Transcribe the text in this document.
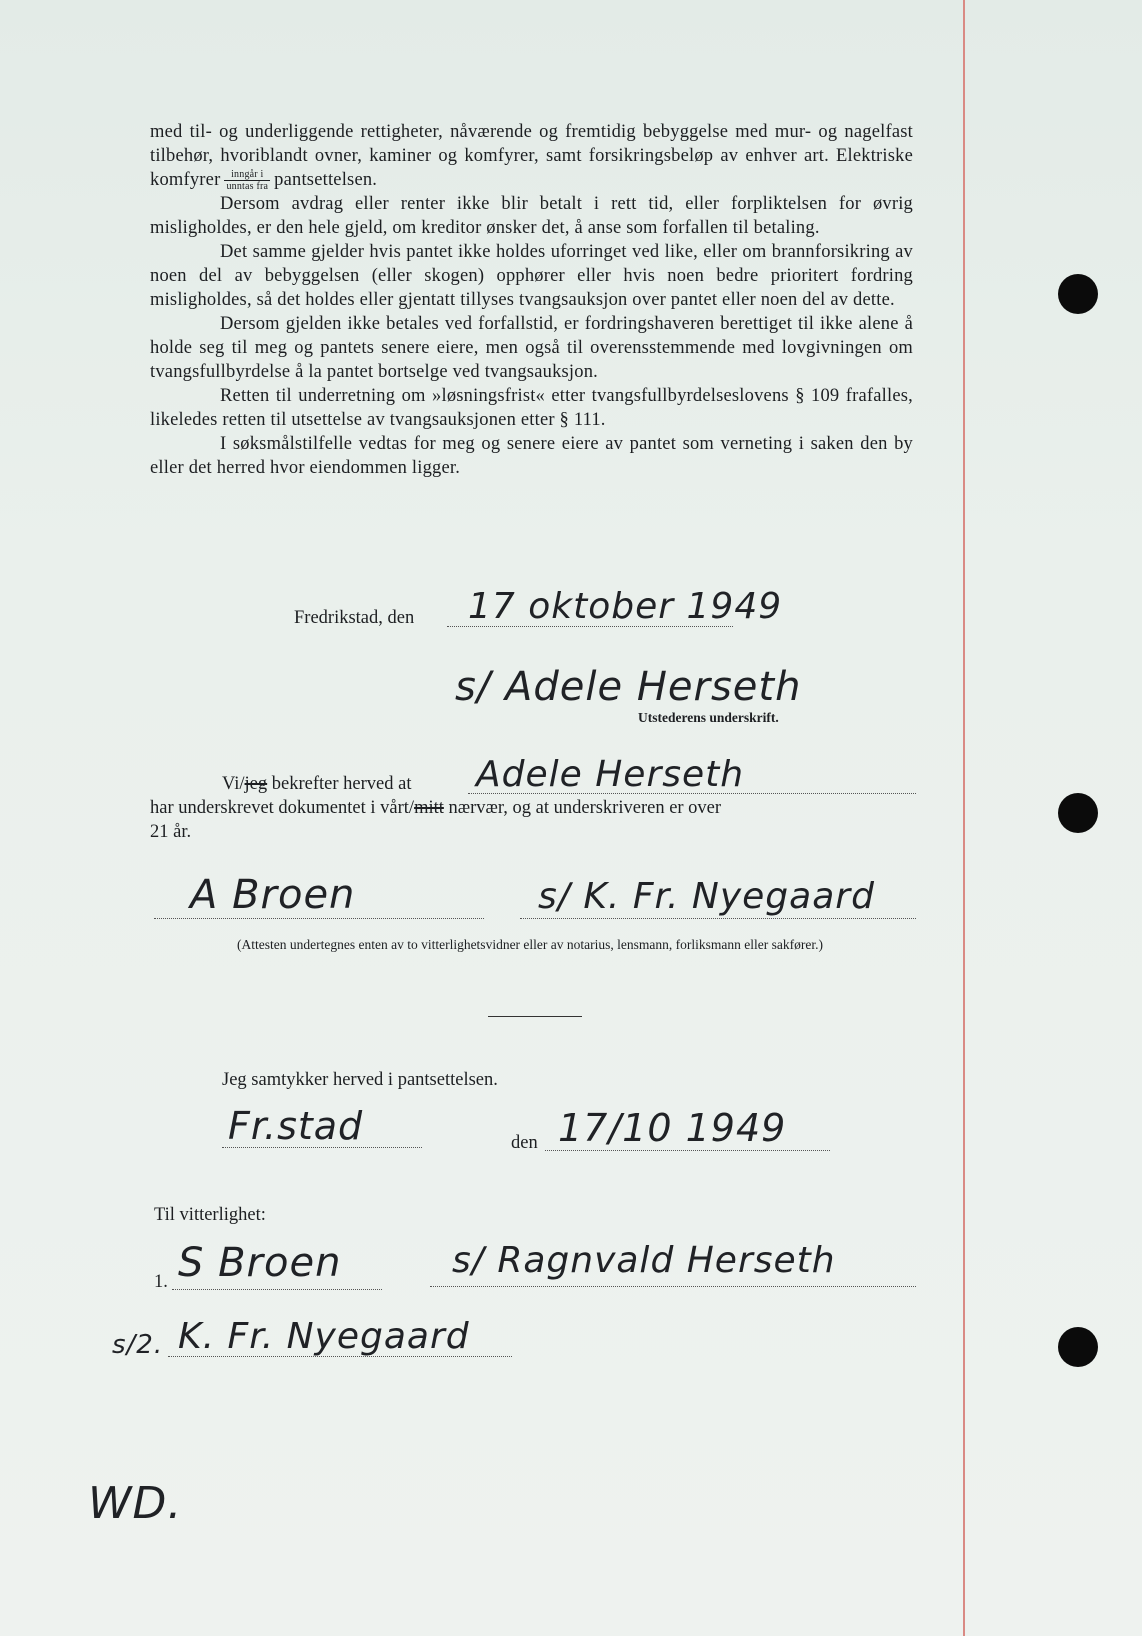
med til- og underliggende rettigheter, nåværende og fremtidig bebyggelse med mur- og nagelfast tilbehør, hvoriblandt ovner, kaminer og komfyrer, samt forsikringsbeløp av enhver art. Elektriske komfyrer $\frac{\text{inngår i}}{\text{unntas fra}}$ pantsettelsen.

Dersom avdrag eller renter ikke blir betalt i rett tid, eller forpliktelsen for øvrig misligholdes, er den hele gjeld, om kreditor ønsker det, å anse som forfallen til betaling.

Det samme gjelder hvis pantet ikke holdes uforringet ved like, eller om brannforsikring av noen del av bebyggelsen (eller skogen) opphører eller hvis noen bedre prioritert fordring misligholdes, så det holdes eller gjentatt tillyses tvangsauksjon over pantet eller noen del av dette.

Dersom gjelden ikke betales ved forfallstid, er fordringshaveren berettiget til ikke alene å holde seg til meg og pantets senere eiere, men også til overensstemmende med lovgivningen om tvangsfullbyrdelse å la pantet bortselge ved tvangsauksjon.

Retten til underretning om »løsningsfrist« etter tvangsfullbyrdelseslovens § 109 frafalles, likeledes retten til utsettelse av tvangsauksjonen etter § 111.

I søksmålstilfelle vedtas for meg og senere eiere av pantet som verneting i saken den by eller det herred hvor eiendommen ligger.

Fredrikstad, den 17 oktober 1949
s/ Adele Herseth
Utstederens underskrift.
Vi/jeg bekrefter herved at Adele Herseth
har underskrevet dokumentet i vårt/mitt nærvær, og at underskriveren er over
21 år.
A Broen	s/ K. Fr. Nyegaard
(Attesten undertegnes enten av to vitterlighetsvidner eller av notarius, lensmann, forliksmann eller sakfører.)
Jeg samtykker herved i pantsettelsen.
Fr.stad	den 17/10 1949
Til vitterlighet:
1. S Broen	s/ Ragnvald Herseth
s/2. K. Fr. Nyegaard
WD.
